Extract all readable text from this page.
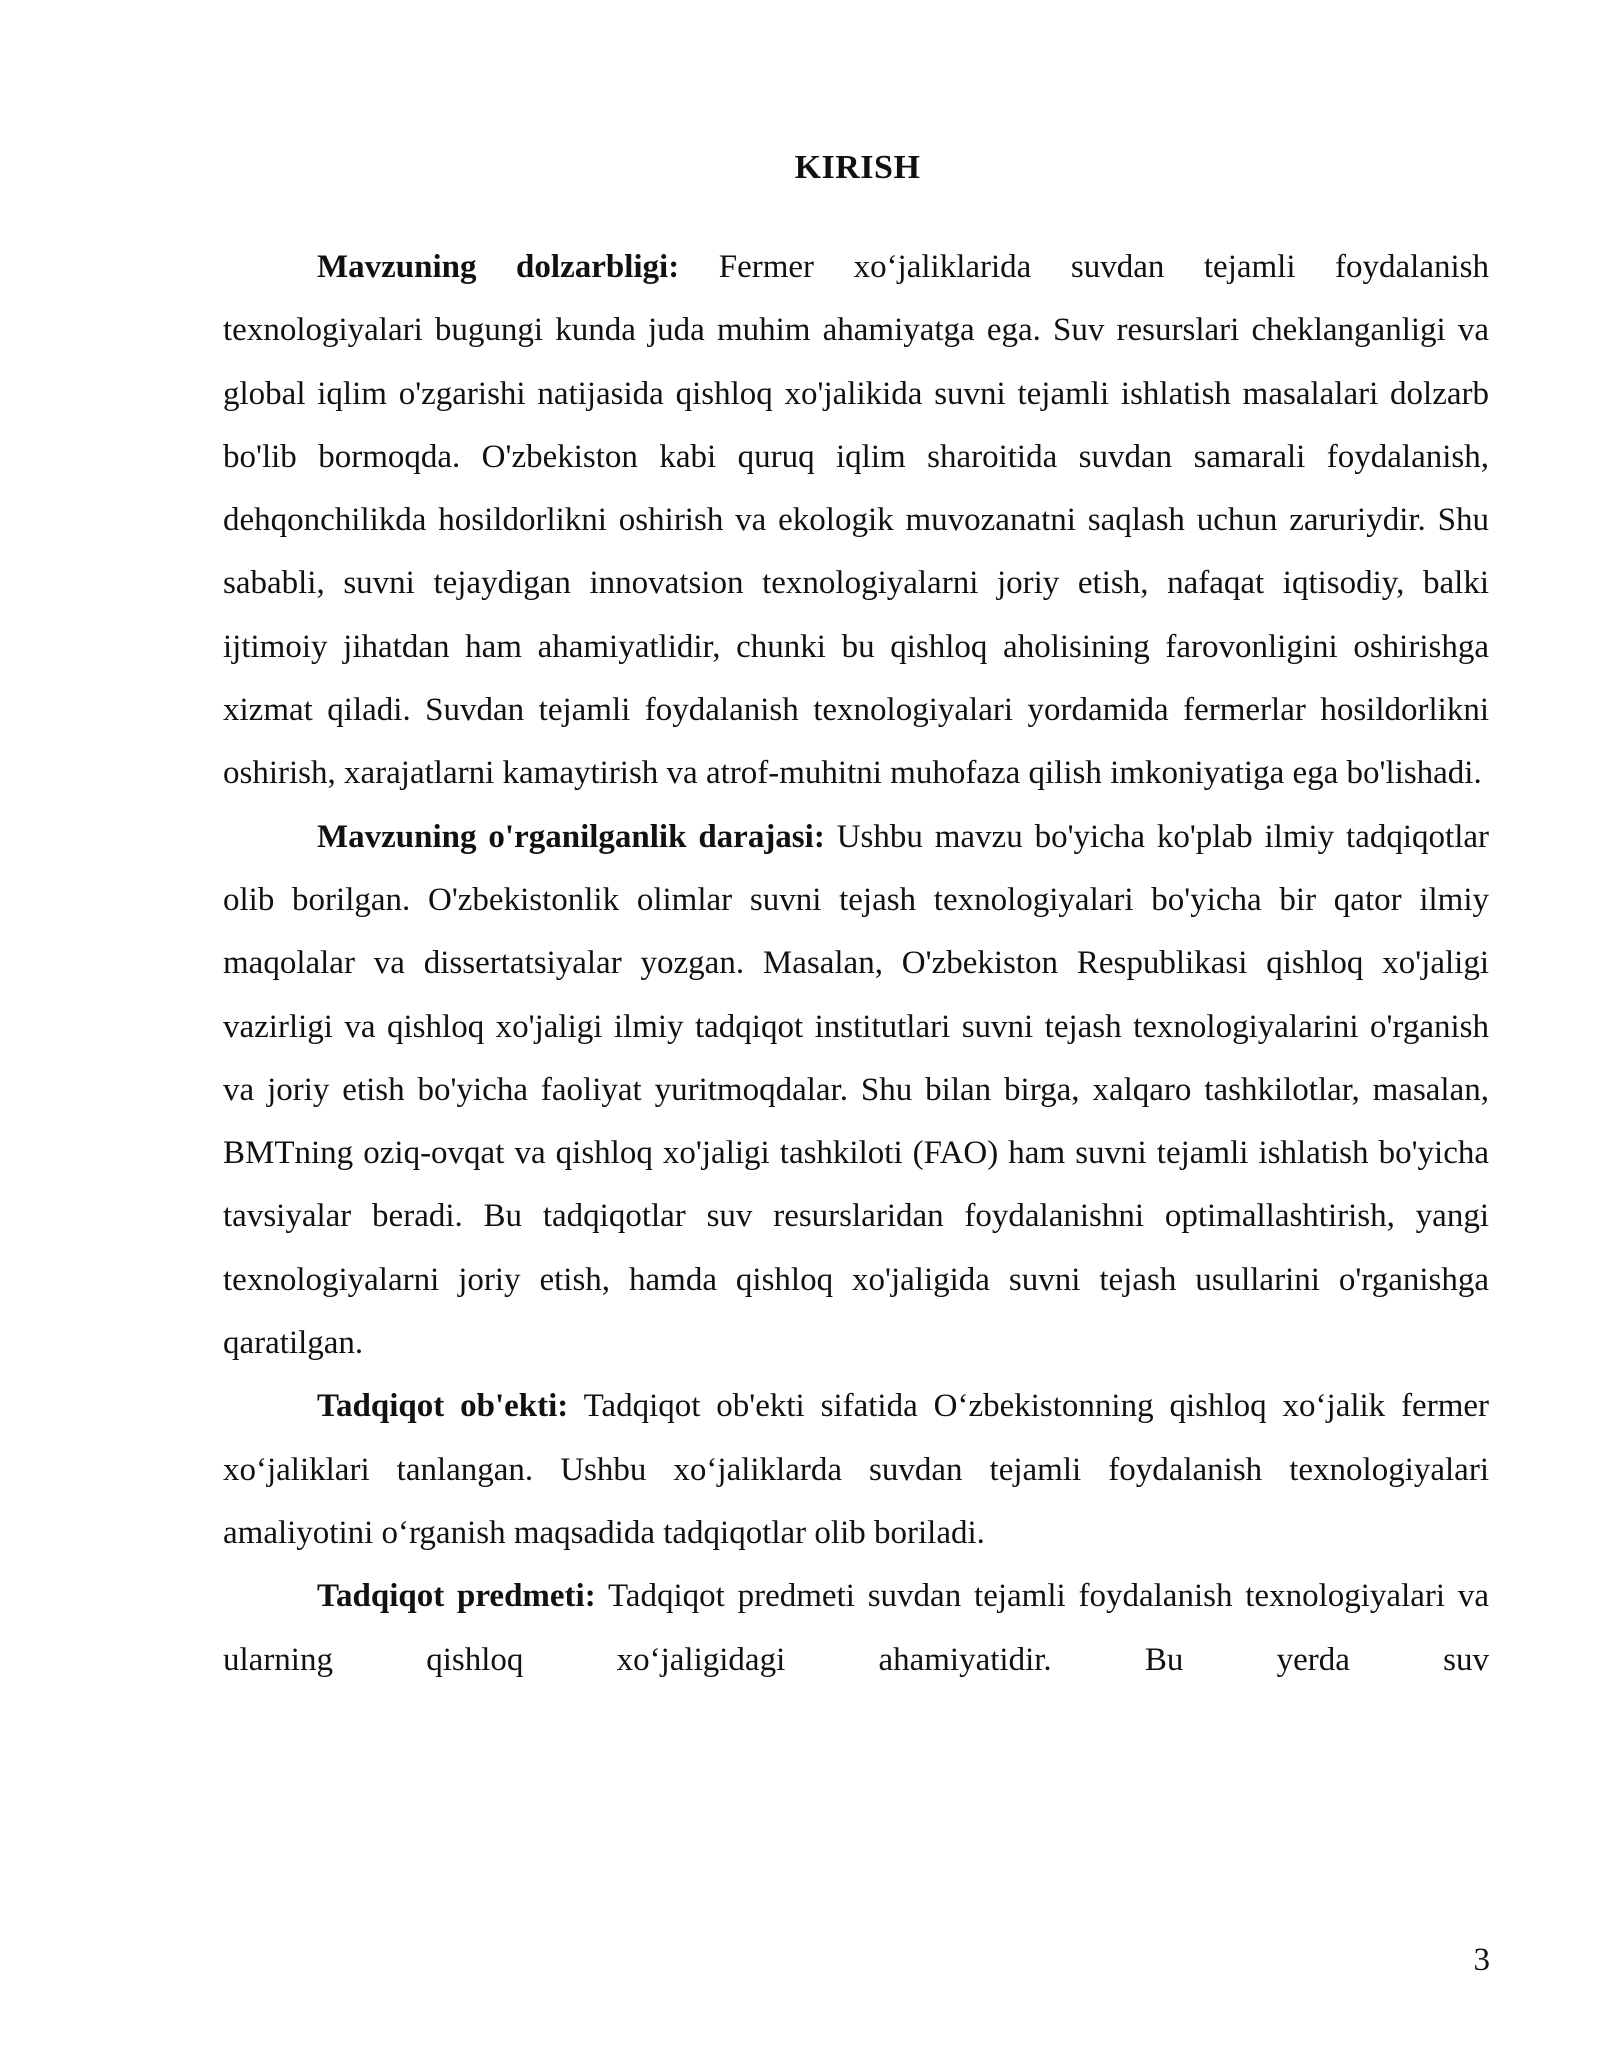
KIRISH

Mavzuning dolzarbligi: Fermer xo‘jaliklarida suvdan tejamli foydalanish texnologiyalari bugungi kunda juda muhim ahamiyatga ega. Suv resurslari cheklanganligi va global iqlim o'zgarishi natijasida qishloq xo'jalikida suvni tejamli ishlatish masalalari dolzarb bo'lib bormoqda. O'zbekiston kabi quruq iqlim sharoitida suvdan samarali foydalanish, dehqonchilikda hosildorlikni oshirish va ekologik muvozanatni saqlash uchun zaruriydir. Shu sababli, suvni tejaydigan innovatsion texnologiyalarni joriy etish, nafaqat iqtisodiy, balki ijtimoiy jihatdan ham ahamiyatlidir, chunki bu qishloq aholisining farovonligini oshirishga xizmat qiladi. Suvdan tejamli foydalanish texnologiyalari yordamida fermerlar hosildorlikni oshirish, xarajatlarni kamaytirish va atrof-muhitni muhofaza qilish imkoniyatiga ega bo'lishadi.

Mavzuning o'rganilganlik darajasi: Ushbu mavzu bo'yicha ko'plab ilmiy tadqiqotlar olib borilgan. O'zbekistonlik olimlar suvni tejash texnologiyalari bo'yicha bir qator ilmiy maqolalar va dissertatsiyalar yozgan. Masalan, O'zbekiston Respublikasi qishloq xo'jaligi vazirligi va qishloq xo'jaligi ilmiy tadqiqot institutlari suvni tejash texnologiyalarini o'rganish va joriy etish bo'yicha faoliyat yuritmoqdalar. Shu bilan birga, xalqaro tashkilotlar, masalan, BMTning oziq-ovqat va qishloq xo'jaligi tashkiloti (FAO) ham suvni tejamli ishlatish bo'yicha tavsiyalar beradi. Bu tadqiqotlar suv resurslaridan foydalanishni optimallashtirish, yangi texnologiyalarni joriy etish, hamda qishloq xo'jaligida suvni tejash usullarini o'rganishga qaratilgan.

Tadqiqot ob'ekti: Tadqiqot ob'ekti sifatida O‘zbekistonning qishloq xo‘jalik fermer xo‘jaliklari tanlangan. Ushbu xo‘jaliklarda suvdan tejamli foydalanish texnologiyalari amaliyotini o‘rganish maqsadida tadqiqotlar olib boriladi.

Tadqiqot predmeti: Tadqiqot predmeti suvdan tejamli foydalanish texnologiyalari va ularning qishloq xo‘jaligidagi ahamiyatidir. Bu yerda suv

3
